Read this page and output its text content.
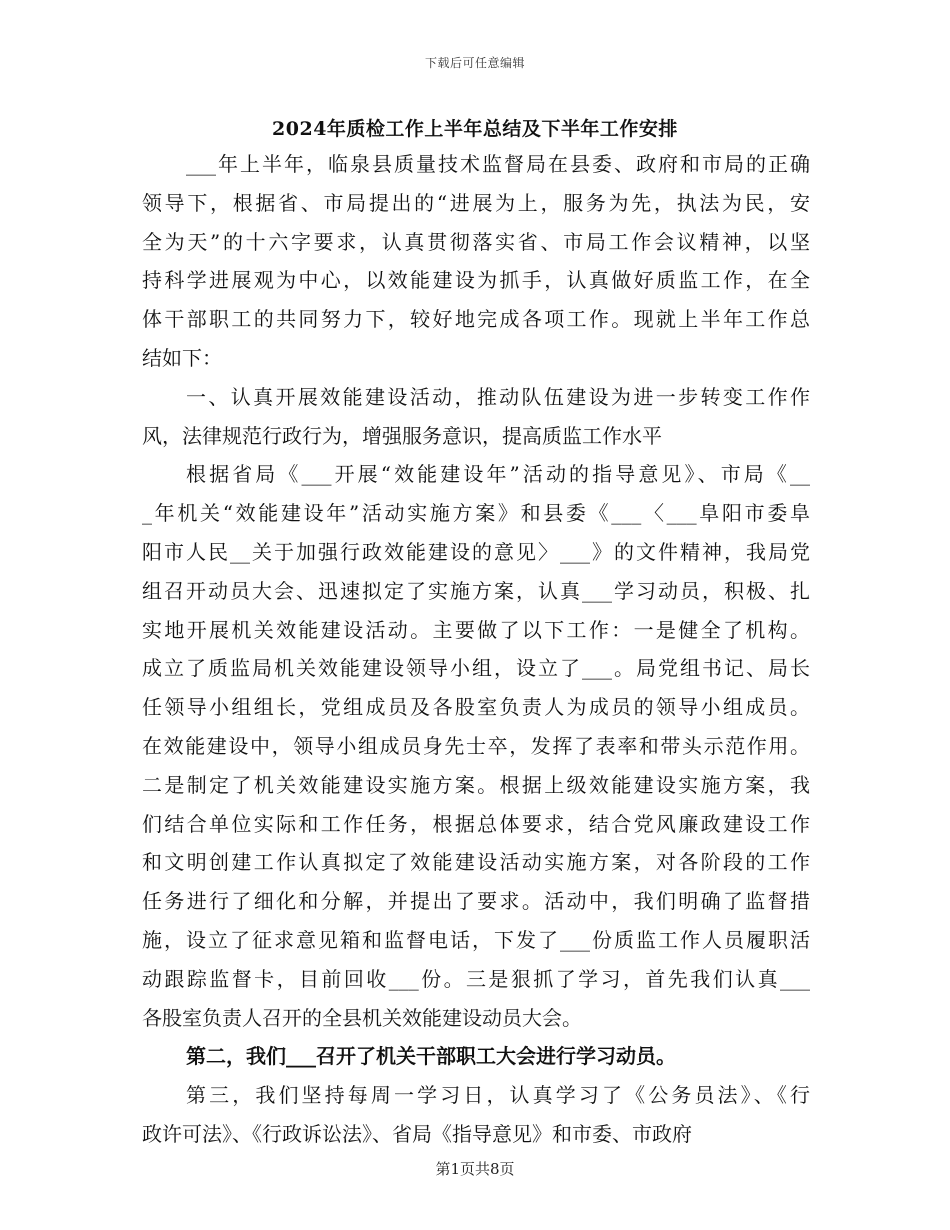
下载后可任意编辑
2024年质检工作上半年总结及下半年工作安排
___年上半年，临泉县质量技术监督局在县委、政府和市局的正确
领导下，根据省、市局提出的“进展为上，服务为先，执法为民，安
全为天”的十六字要求，认真贯彻落实省、市局工作会议精神，以坚
持科学进展观为中心，以效能建设为抓手，认真做好质监工作，在全
体干部职工的共同努力下，较好地完成各项工作。现就上半年工作总
结如下：
一、认真开展效能建设活动，推动队伍建设为进一步转变工作作
风，法律规范行政行为，增强服务意识，提高质监工作水平
根据省局《___开展“效能建设年”活动的指导意见》、市局《__
_年机关“效能建设年”活动实施方案》和县委《___〈___阜阳市委阜
阳市人民__关于加强行政效能建设的意见〉___》的文件精神，我局党
组召开动员大会、迅速拟定了实施方案，认真___学习动员，积极、扎
实地开展机关效能建设活动。主要做了以下工作：一是健全了机构。
成立了质监局机关效能建设领导小组，设立了___。局党组书记、局长
任领导小组组长，党组成员及各股室负责人为成员的领导小组成员。
在效能建设中，领导小组成员身先士卒，发挥了表率和带头示范作用。
二是制定了机关效能建设实施方案。根据上级效能建设实施方案，我
们结合单位实际和工作任务，根据总体要求，结合党风廉政建设工作
和文明创建工作认真拟定了效能建设活动实施方案，对各阶段的工作
任务进行了细化和分解，并提出了要求。活动中，我们明确了监督措
施，设立了征求意见箱和监督电话，下发了___份质监工作人员履职活
动跟踪监督卡，目前回收___份。三是狠抓了学习，首先我们认真___
各股室负责人召开的全县机关效能建设动员大会。
第二，我们___召开了机关干部职工大会进行学习动员。
第三，我们坚持每周一学习日，认真学习了《公务员法》、《行
政许可法》、《行政诉讼法》、省局《指导意见》和市委、市政府
第1页共8页
